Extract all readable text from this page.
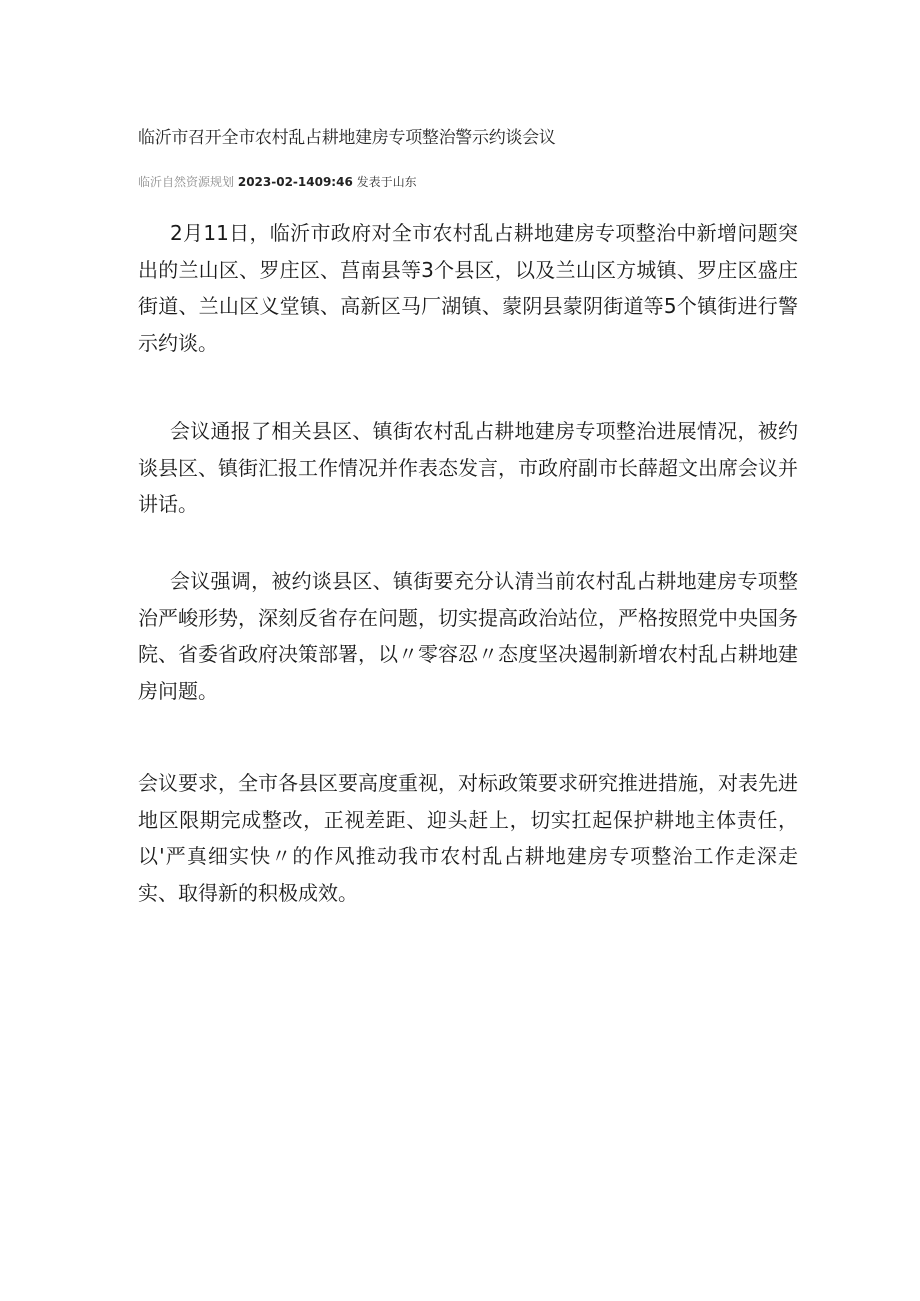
临沂市召开全市农村乱占耕地建房专项整治警示约谈会议
临沂自然资源规划 2023-02-1409:46 发表于山东

2月11日，临沂市政府对全市农村乱占耕地建房专项整治中新增问题突出的兰山区、罗庄区、莒南县等3个县区，以及兰山区方城镇、罗庄区盛庄街道、兰山区义堂镇、高新区马厂湖镇、蒙阴县蒙阴街道等5个镇街进行警示约谈。

会议通报了相关县区、镇街农村乱占耕地建房专项整治进展情况，被约谈县区、镇街汇报工作情况并作表态发言，市政府副市长薛超文出席会议并讲话。

会议强调，被约谈县区、镇街要充分认清当前农村乱占耕地建房专项整治严峻形势，深刻反省存在问题，切实提高政治站位，严格按照党中央国务院、省委省政府决策部署，以〃零容忍〃态度坚决遏制新增农村乱占耕地建房问题。

会议要求，全市各县区要高度重视，对标政策要求研究推进措施，对表先进地区限期完成整改，正视差距、迎头赶上，切实扛起保护耕地主体责任，以'严真细实快〃的作风推动我市农村乱占耕地建房专项整治工作走深走实、取得新的积极成效。
